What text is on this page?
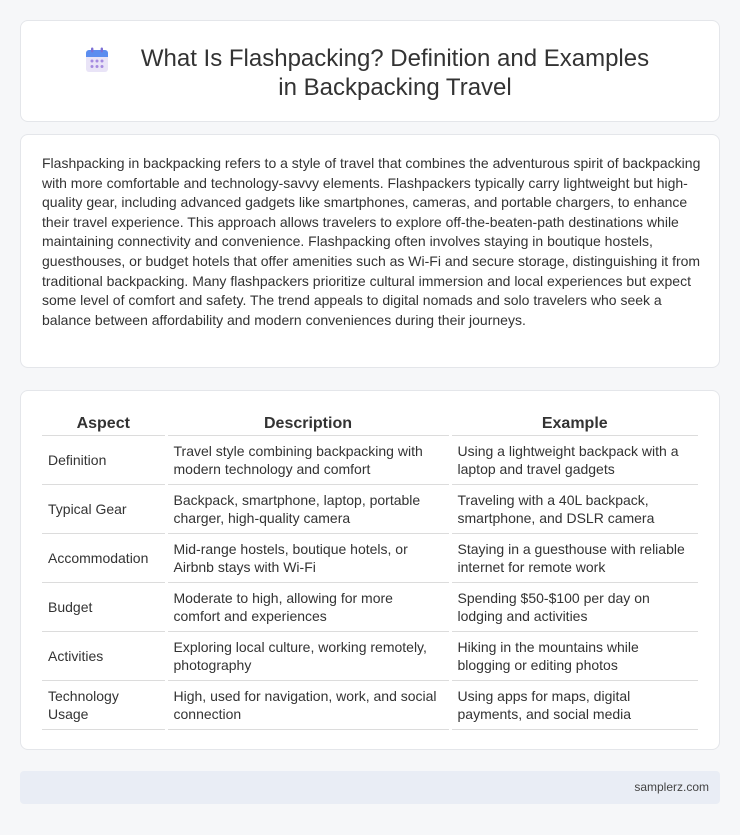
What Is Flashpacking? Definition and Examples in Backpacking Travel

Flashpacking in backpacking refers to a style of travel that combines the adventurous spirit of backpacking with more comfortable and technology-savvy elements. Flashpackers typically carry lightweight but high-quality gear, including advanced gadgets like smartphones, cameras, and portable chargers, to enhance their travel experience. This approach allows travelers to explore off-the-beaten-path destinations while maintaining connectivity and convenience. Flashpacking often involves staying in boutique hostels, guesthouses, or budget hotels that offer amenities such as Wi-Fi and secure storage, distinguishing it from traditional backpacking. Many flashpackers prioritize cultural immersion and local experiences but expect some level of comfort and safety. The trend appeals to digital nomads and solo travelers who seek a balance between affordability and modern conveniences during their journeys.

Aspect	Description	Example
Definition	Travel style combining backpacking with modern technology and comfort	Using a lightweight backpack with a laptop and travel gadgets
Typical Gear	Backpack, smartphone, laptop, portable charger, high-quality camera	Traveling with a 40L backpack, smartphone, and DSLR camera
Accommodation	Mid-range hostels, boutique hotels, or Airbnb stays with Wi-Fi	Staying in a guesthouse with reliable internet for remote work
Budget	Moderate to high, allowing for more comfort and experiences	Spending $50-$100 per day on lodging and activities
Activities	Exploring local culture, working remotely, photography	Hiking in the mountains while blogging or editing photos
Technology Usage	High, used for navigation, work, and social connection	Using apps for maps, digital payments, and social media
samplerz.com
